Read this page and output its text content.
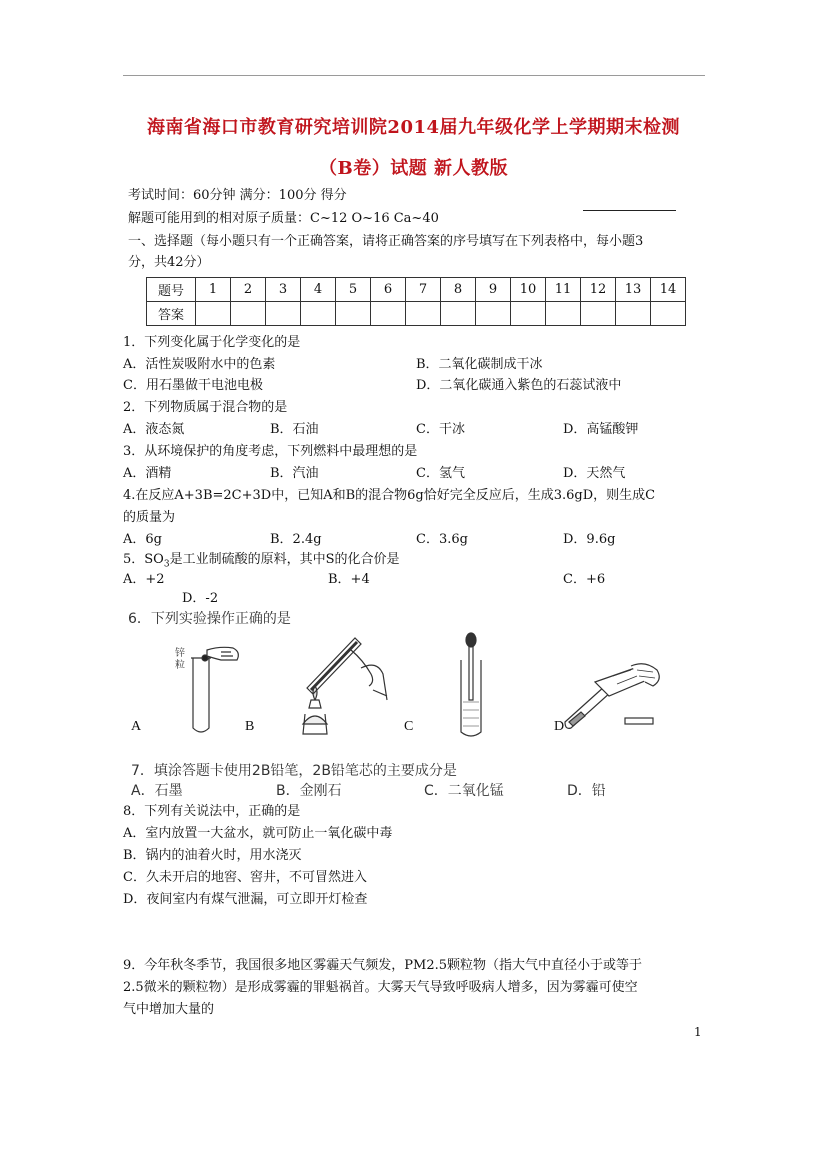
海南省海口市教育研究培训院2014届九年级化学上学期期末检测
（B卷）试题 新人教版
考试时间：60分钟 满分：100分 得分
解题可能用到的相对原子质量：C~12 O~16 Ca~40
一、选择题（每小题只有一个正确答案，请将正确答案的序号填写在下列表格中，每小题3
分，共42分）
题号	1	2	3	4	5	6	7	8	9	10	11	12	13	14
答案														
1．下列变化属于化学变化的是
A．活性炭吸附水中的色素	B．二氧化碳制成干冰
C．用石墨做干电池电极	D．二氧化碳通入紫色的石蕊试液中
2．下列物质属于混合物的是
A．液态氮	B．石油	C．干冰	D．高锰酸钾
3．从环境保护的角度考虑，下列燃料中最理想的是
A．酒精	B．汽油	C．氢气	D．天然气
4.在反应A+3B=2C+3D中，已知A和B的混合物6g恰好完全反应后，生成3.6gD，则生成C
的质量为
A．6g	B．2.4g	C．3.6g	D．9.6g
5．$SO_3$是工业制硫酸的原料，其中S的化合价是
A．+2	B．+4	C．+6
D．-2
6．下列实验操作正确的是
锌
粒
A	B	C	D
7．填涂答题卡使用2B铅笔，2B铅笔芯的主要成分是
A．石墨	B．金刚石	C．二氧化锰	D．铅
8．下列有关说法中，正确的是
A．室内放置一大盆水，就可防止一氧化碳中毒
B．锅内的油着火时，用水浇灭
C．久未开启的地窖、窖井，不可冒然进入
D．夜间室内有煤气泄漏，可立即开灯检查
9．今年秋冬季节，我国很多地区雾霾天气频发，PM2.5颗粒物（指大气中直径小于或等于
2.5微米的颗粒物）是形成雾霾的罪魁祸首。大雾天气导致呼吸病人增多，因为雾霾可使空
气中增加大量的
1
